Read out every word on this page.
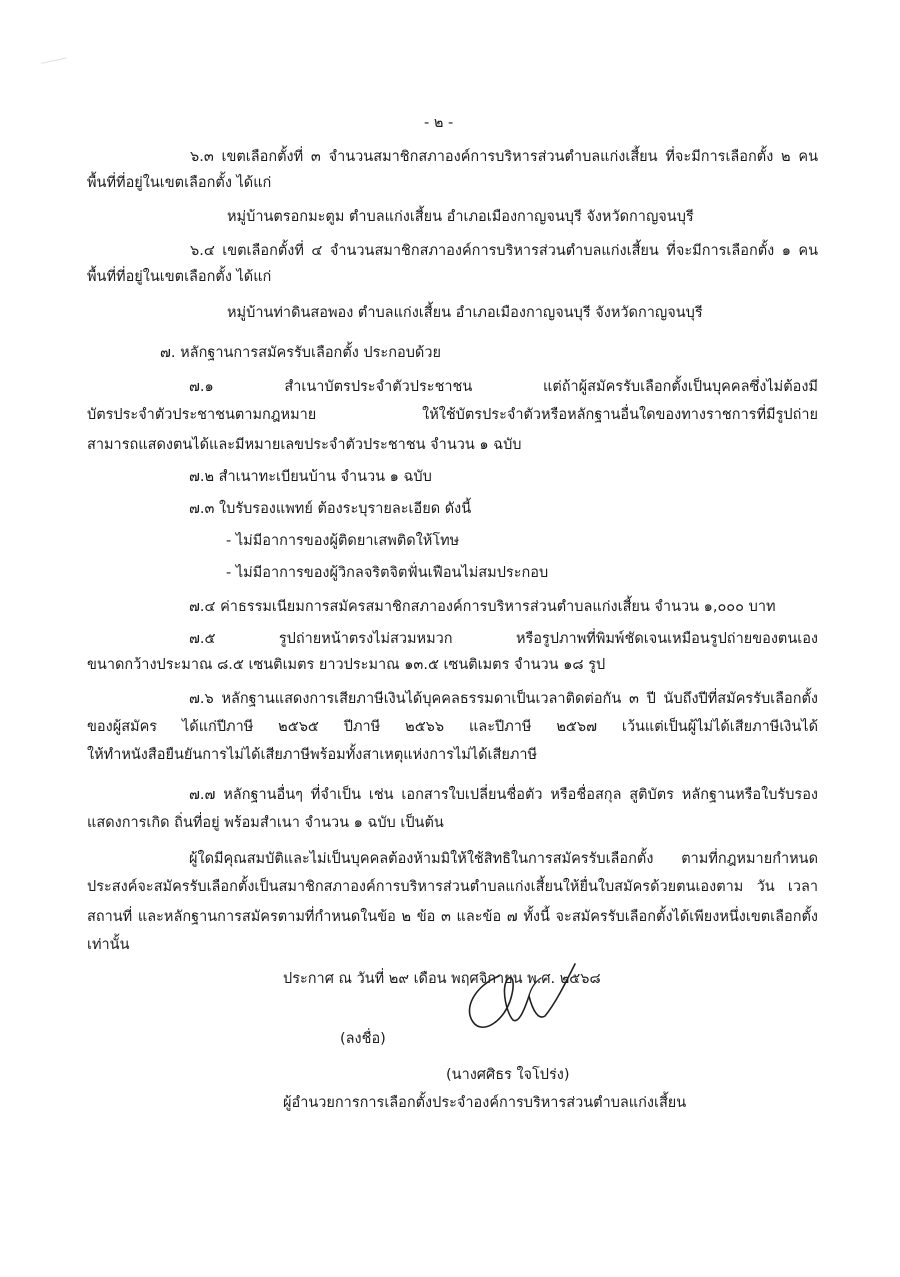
- ๒ -
๖.๓ เขตเลือกตั้งที่ ๓ จำนวนสมาชิกสภาองค์การบริหารส่วนตำบลแก่งเสี้ยน ที่จะมีการเลือกตั้ง ๒ คน
พื้นที่ที่อยู่ในเขตเลือกตั้ง ได้แก่
หมู่บ้านตรอกมะตูม ตำบลแก่งเสี้ยน อำเภอเมืองกาญจนบุรี จังหวัดกาญจนบุรี
๖.๔ เขตเลือกตั้งที่ ๔ จำนวนสมาชิกสภาองค์การบริหารส่วนตำบลแก่งเสี้ยน ที่จะมีการเลือกตั้ง ๑ คน
พื้นที่ที่อยู่ในเขตเลือกตั้ง ได้แก่
หมู่บ้านท่าดินสอพอง ตำบลแก่งเสี้ยน อำเภอเมืองกาญจนบุรี จังหวัดกาญจนบุรี
๗. หลักฐานการสมัครรับเลือกตั้ง ประกอบด้วย
๗.๑ สำเนาบัตรประจำตัวประชาชน แต่ถ้าผู้สมัครรับเลือกตั้งเป็นบุคคลซึ่งไม่ต้องมี
บัตรประจำตัวประชาชนตามกฎหมาย ให้ใช้บัตรประจำตัวหรือหลักฐานอื่นใดของทางราชการที่มีรูปถ่าย
สามารถแสดงตนได้และมีหมายเลขประจำตัวประชาชน จำนวน ๑ ฉบับ
๗.๒ สำเนาทะเบียนบ้าน จำนวน ๑ ฉบับ
๗.๓ ใบรับรองแพทย์ ต้องระบุรายละเอียด ดังนี้
- ไม่มีอาการของผู้ติดยาเสพติดให้โทษ
- ไม่มีอาการของผู้วิกลจริตจิตฟั่นเฟือนไม่สมประกอบ
๗.๔ ค่าธรรมเนียมการสมัครสมาชิกสภาองค์การบริหารส่วนตำบลแก่งเสี้ยน จำนวน ๑,๐๐๐ บาท
๗.๕ รูปถ่ายหน้าตรงไม่สวมหมวก หรือรูปภาพที่พิมพ์ชัดเจนเหมือนรูปถ่ายของตนเอง
ขนาดกว้างประมาณ ๘.๕ เซนติเมตร ยาวประมาณ ๑๓.๕ เซนติเมตร จำนวน ๑๘ รูป
๗.๖ หลักฐานแสดงการเสียภาษีเงินได้บุคคลธรรมดาเป็นเวลาติดต่อกัน ๓ ปี นับถึงปีที่สมัครรับเลือกตั้ง
ของผู้สมัคร ได้แก่ปีภาษี ๒๕๖๕ ปีภาษี ๒๕๖๖ และปีภาษี ๒๕๖๗ เว้นแต่เป็นผู้ไม่ได้เสียภาษีเงินได้
ให้ทำหนังสือยืนยันการไม่ได้เสียภาษีพร้อมทั้งสาเหตุแห่งการไม่ได้เสียภาษี
๗.๗ หลักฐานอื่นๆ ที่จำเป็น เช่น เอกสารใบเปลี่ยนชื่อตัว หรือชื่อสกุล สูติบัตร หลักฐานหรือใบรับรอง
แสดงการเกิด ถิ่นที่อยู่ พร้อมสำเนา จำนวน ๑ ฉบับ เป็นต้น
ผู้ใดมีคุณสมบัติและไม่เป็นบุคคลต้องห้ามมิให้ใช้สิทธิในการสมัครรับเลือกตั้ง ตามที่กฎหมายกำหนด
ประสงค์จะสมัครรับเลือกตั้งเป็นสมาชิกสภาองค์การบริหารส่วนตำบลแก่งเสี้ยนให้ยื่นใบสมัครด้วยตนเองตาม วัน เวลา
สถานที่ และหลักฐานการสมัครตามที่กำหนดในข้อ ๒ ข้อ ๓ และข้อ ๗ ทั้งนี้ จะสมัครรับเลือกตั้งได้เพียงหนึ่งเขตเลือกตั้ง
เท่านั้น
ประกาศ ณ วันที่ ๒๙ เดือน พฤศจิกายน พ.ศ. ๒๕๖๘
(ลงชื่อ)
(นางศศิธร ใจโปร่ง)
ผู้อำนวยการการเลือกตั้งประจำองค์การบริหารส่วนตำบลแก่งเสี้ยน
